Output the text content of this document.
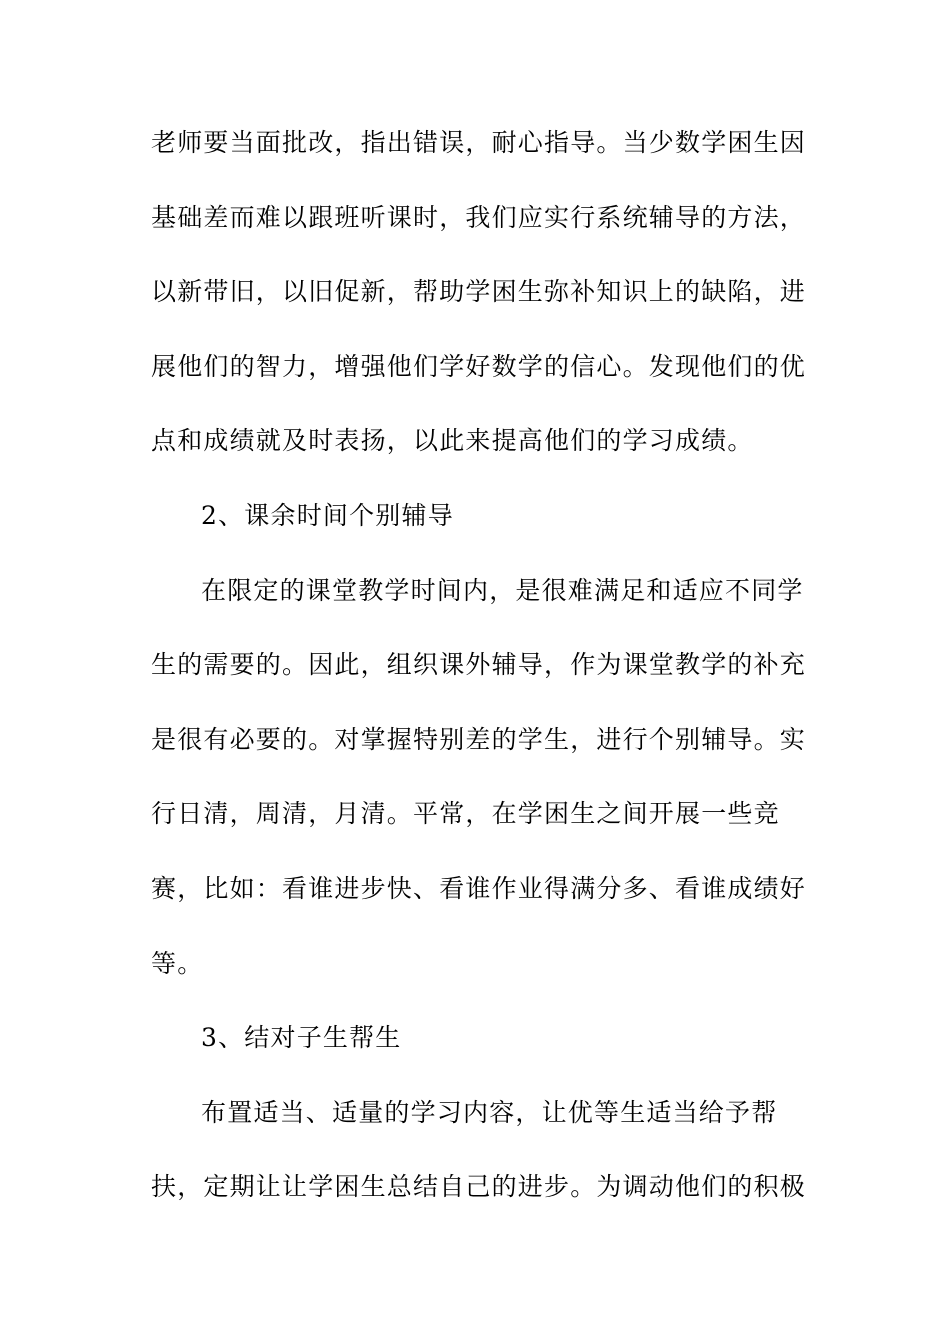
老师要当面批改，指出错误，耐心指导。当少数学困生因
基础差而难以跟班听课时，我们应实行系统辅导的方法，
以新带旧，以旧促新，帮助学困生弥补知识上的缺陷，进
展他们的智力，增强他们学好数学的信心。发现他们的优
点和成绩就及时表扬，以此来提高他们的学习成绩。
2、课余时间个别辅导
在限定的课堂教学时间内，是很难满足和适应不同学
生的需要的。因此，组织课外辅导，作为课堂教学的补充
是很有必要的。对掌握特别差的学生，进行个别辅导。实
行日清，周清，月清。平常，在学困生之间开展一些竞
赛，比如：看谁进步快、看谁作业得满分多、看谁成绩好
等。
3、结对子生帮生
布置适当、适量的学习内容，让优等生适当给予帮
扶，定期让让学困生总结自己的进步。为调动他们的积极
